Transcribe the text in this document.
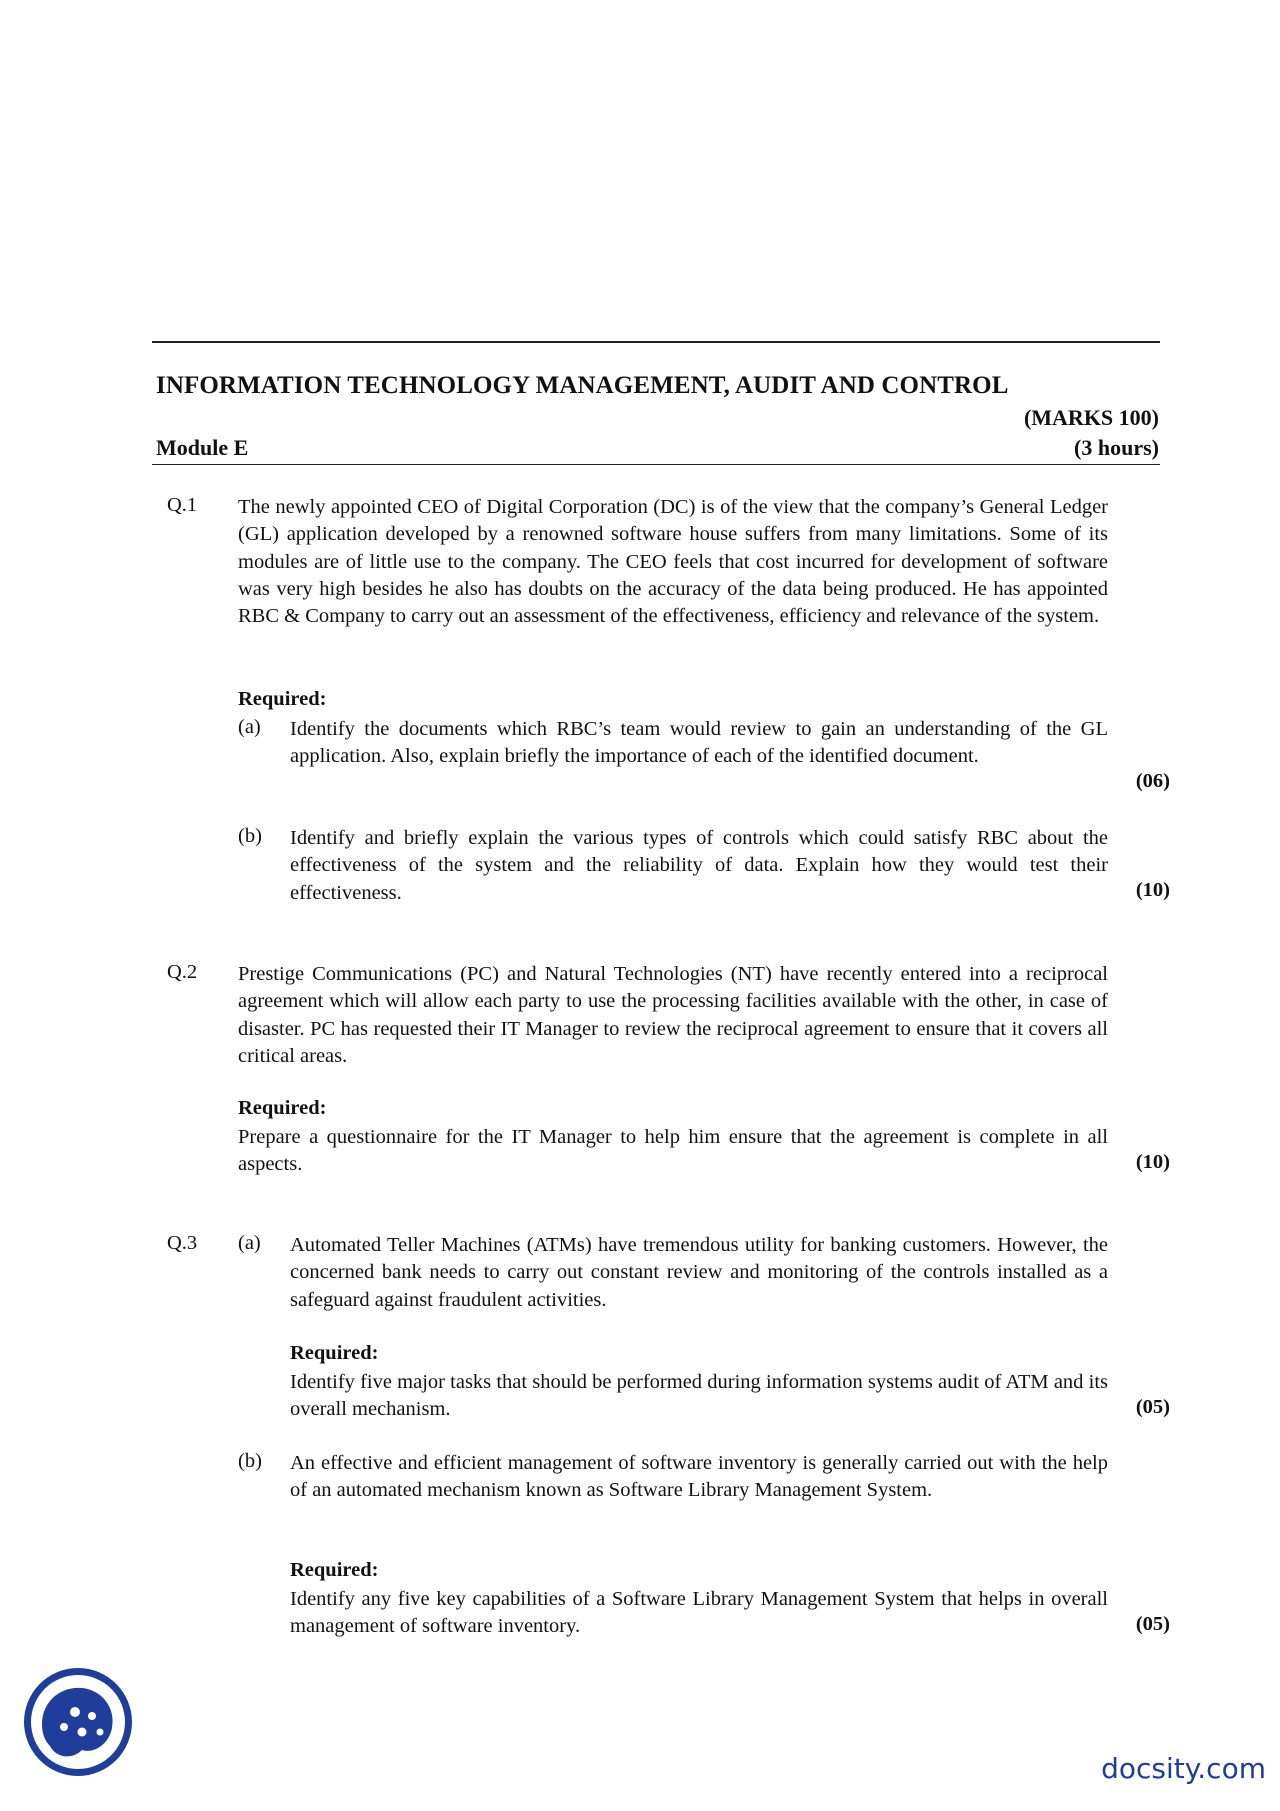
INFORMATION TECHNOLOGY MANAGEMENT, AUDIT AND CONTROL
(MARKS 100)
Module E	(3 hours)
Q.1 The newly appointed CEO of Digital Corporation (DC) is of the view that the company’s General Ledger (GL) application developed by a renowned software house suffers from many limitations. Some of its modules are of little use to the company. The CEO feels that cost incurred for development of software was very high besides he also has doubts on the accuracy of the data being produced. He has appointed RBC & Company to carry out an assessment of the effectiveness, efficiency and relevance of the system.
Required:
(a) Identify the documents which RBC’s team would review to gain an understanding of the GL application. Also, explain briefly the importance of each of the identified document.
(06)
(b) Identify and briefly explain the various types of controls which could satisfy RBC about the effectiveness of the system and the reliability of data. Explain how they would test their effectiveness.	(10)
Q.2 Prestige Communications (PC) and Natural Technologies (NT) have recently entered into a reciprocal agreement which will allow each party to use the processing facilities available with the other, in case of disaster. PC has requested their IT Manager to review the reciprocal agreement to ensure that it covers all critical areas.
Required:
Prepare a questionnaire for the IT Manager to help him ensure that the agreement is complete in all aspects.	(10)
Q.3 (a) Automated Teller Machines (ATMs) have tremendous utility for banking customers. However, the concerned bank needs to carry out constant review and monitoring of the controls installed as a safeguard against fraudulent activities.
Required:
Identify five major tasks that should be performed during information systems audit of ATM and its overall mechanism.	(05)
(b) An effective and efficient management of software inventory is generally carried out with the help of an automated mechanism known as Software Library Management System.
Required:
Identify any five key capabilities of a Software Library Management System that helps in overall management of software inventory.	(05)
docsity.com
